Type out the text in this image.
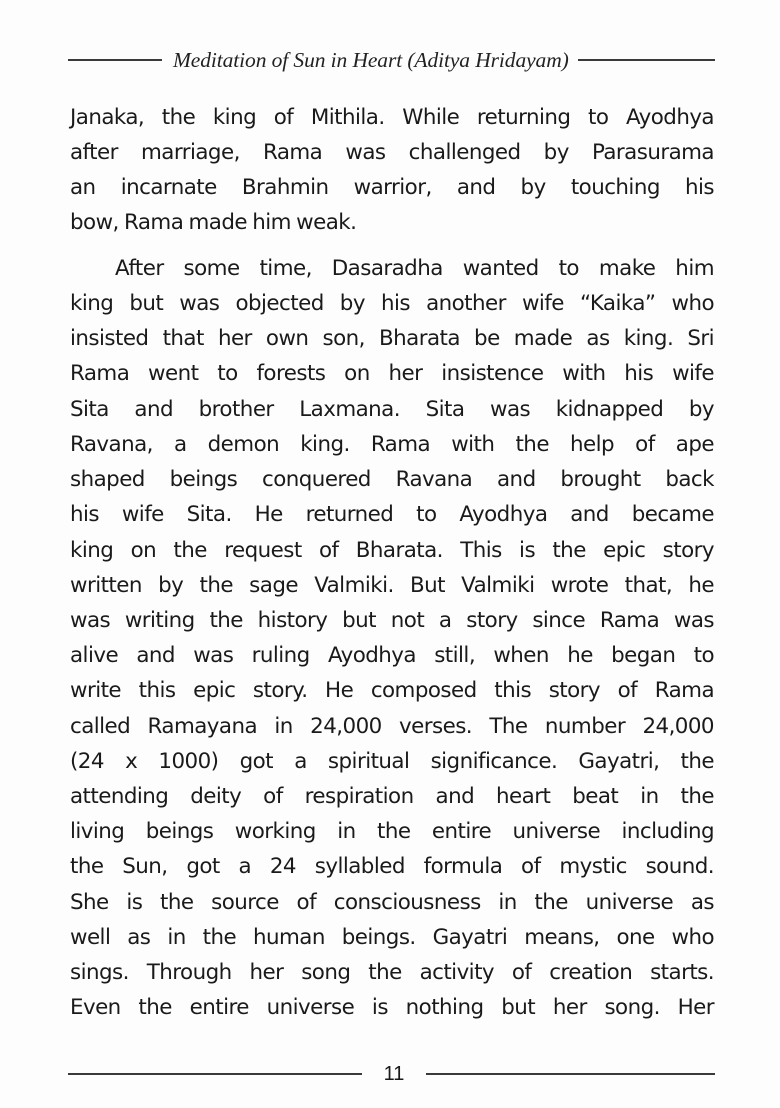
Meditation of Sun in Heart (Aditya Hridayam)
Janaka, the king of Mithila. While returning to Ayodhya
after marriage, Rama was challenged by Parasurama
an incarnate Brahmin warrior, and by touching his
bow, Rama made him weak.
After some time, Dasaradha wanted to make him
king but was objected by his another wife “Kaika” who
insisted that her own son, Bharata be made as king. Sri
Rama went to forests on her insistence with his wife
Sita and brother Laxmana. Sita was kidnapped by
Ravana, a demon king. Rama with the help of ape
shaped beings conquered Ravana and brought back
his wife Sita. He returned to Ayodhya and became
king on the request of Bharata. This is the epic story
written by the sage Valmiki. But Valmiki wrote that, he
was writing the history but not a story since Rama was
alive and was ruling Ayodhya still, when he began to
write this epic story. He composed this story of Rama
called Ramayana in 24,000 verses. The number 24,000
(24 x 1000) got a spiritual significance. Gayatri, the
attending deity of respiration and heart beat in the
living beings working in the entire universe including
the Sun, got a 24 syllabled formula of mystic sound.
She is the source of consciousness in the universe as
well as in the human beings. Gayatri means, one who
sings. Through her song the activity of creation starts.
Even the entire universe is nothing but her song. Her
11
